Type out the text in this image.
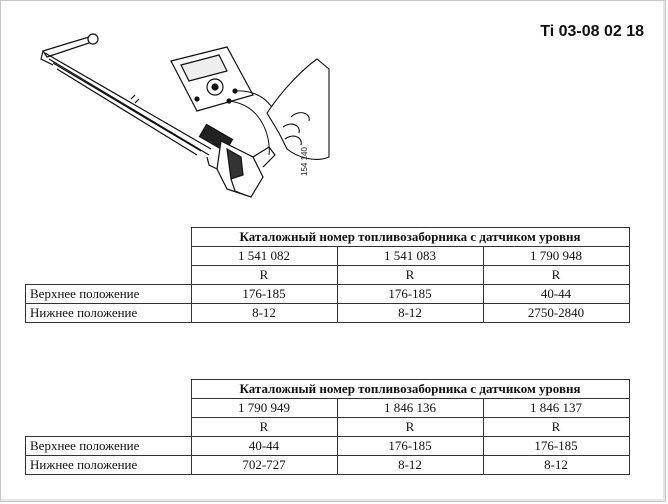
Ti 03-08 02 18
154 140
	Каталожный номер топливозаборника с датчиком уровня		
	1 541 082	1 541 083	1 790 948
	R	R	R
Верхнее положение	176-185	176-185	40-44
Нижнее положение	8-12	8-12	2750-2840
	Каталожный номер топливозаборника с датчиком уровня		
	1 790 949	1 846 136	1 846 137
	R	R	R
Верхнее положение	40-44	176-185	176-185
Нижнее положение	702-727	8-12	8-12
